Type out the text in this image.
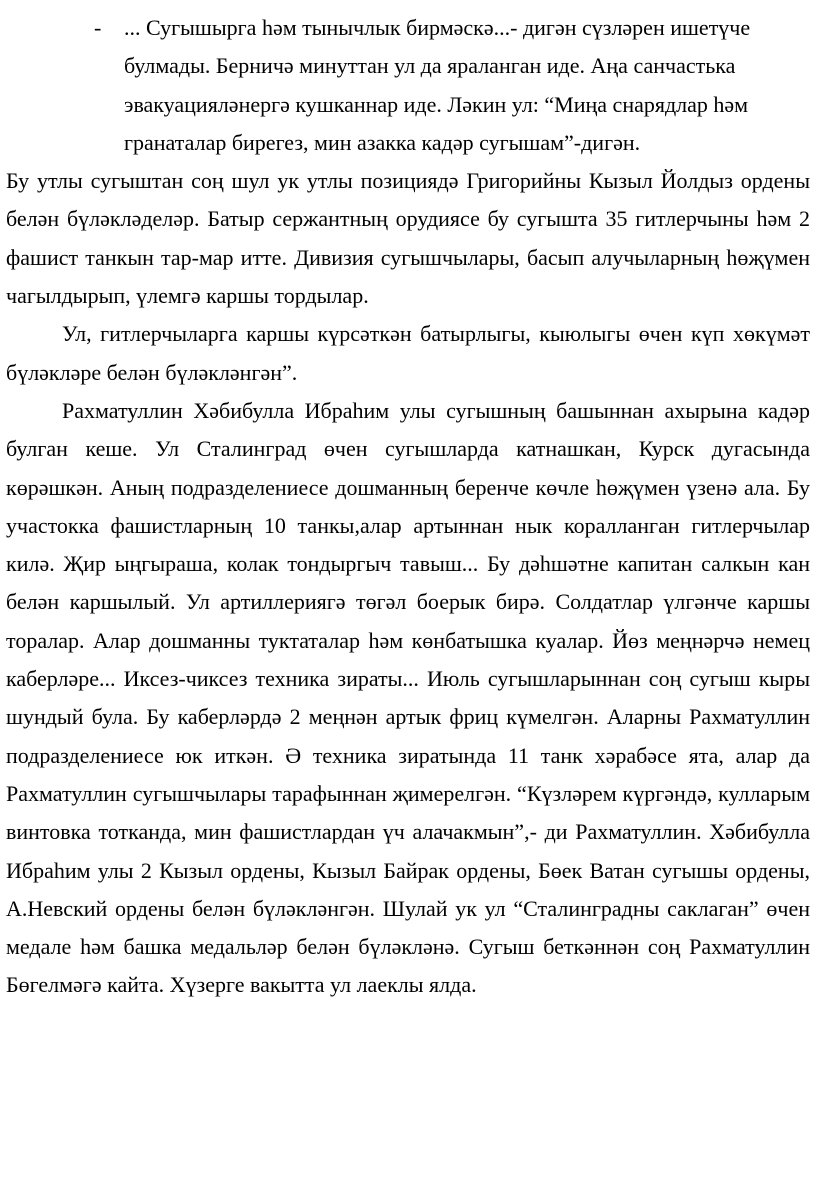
- ... Сугышырга һәм тынычлык бирмәскә...- дигән сүзләрен ишетүче
булмады. Берничә минуттан ул да яраланган иде. Аңа санчастька
эвакуацияләнергә кушканнар иде. Ләкин ул: “Миңа снарядлар һәм
гранаталар бирегез, мин азакка кадәр сугышам”-дигән.

Бу утлы сугыштан соң шул ук утлы позициядә Григорийны Кызыл Йолдыз ордены белән бүләкләделәр. Батыр сержантның орудиясе бу сугышта 35 гитлерчыны һәм 2 фашист танкын тар-мар итте. Дивизия сугышчылары, басып алучыларның һөҗүмен чагылдырып, үлемгә каршы тордылар.

Ул, гитлерчыларга каршы күрсәткән батырлыгы, кыюлыгы өчен күп хөкүмәт бүләкләре белән бүләкләнгән”.

Рахматуллин Хәбибулла Ибраһим улы сугышның башыннан ахырына кадәр булган кеше. Ул Сталинград өчен сугышларда катнашкан, Курск дугасында көрәшкән. Аның подразделениесе дошманның беренче көчле һөҗүмен үзенә ала. Бу участокка фашистларның 10 танкы,алар артыннан нык коралланган гитлерчылар килә. Җир ыңгыраша, колак тондыргыч тавыш... Бу дәһшәтне капитан салкын кан белән каршылый. Ул артиллериягә төгәл боерык бирә. Солдатлар үлгәнче каршы торалар. Алар дошманны туктаталар һәм көнбатышка куалар. Йөз меңнәрчә немец каберләре... Иксез-чиксез техника зираты... Июль сугышларыннан соң сугыш кыры шундый була. Бу каберләрдә 2 меңнән артык фриц күмелгән. Аларны Рахматуллин подразделениесе юк иткән. Ә техника зиратында 11 танк хәрабәсе ята, алар да Рахматуллин сугышчылары тарафыннан җимерелгән. “Күзләрем күргәндә, кулларым винтовка тотканда, мин фашистлардан үч алачакмын”,- ди Рахматуллин. Хәбибулла Ибраһим улы 2 Кызыл ордены, Кызыл Байрак ордены, Бөек Ватан сугышы ордены, А.Невский ордены белән бүләкләнгән. Шулай ук ул “Сталинградны саклаган” өчен медале һәм башка медальләр белән бүләкләнә. Сугыш беткәннән соң Рахматуллин Бөгелмәгә кайта. Хүзерге вакытта ул лаеклы ялда.
